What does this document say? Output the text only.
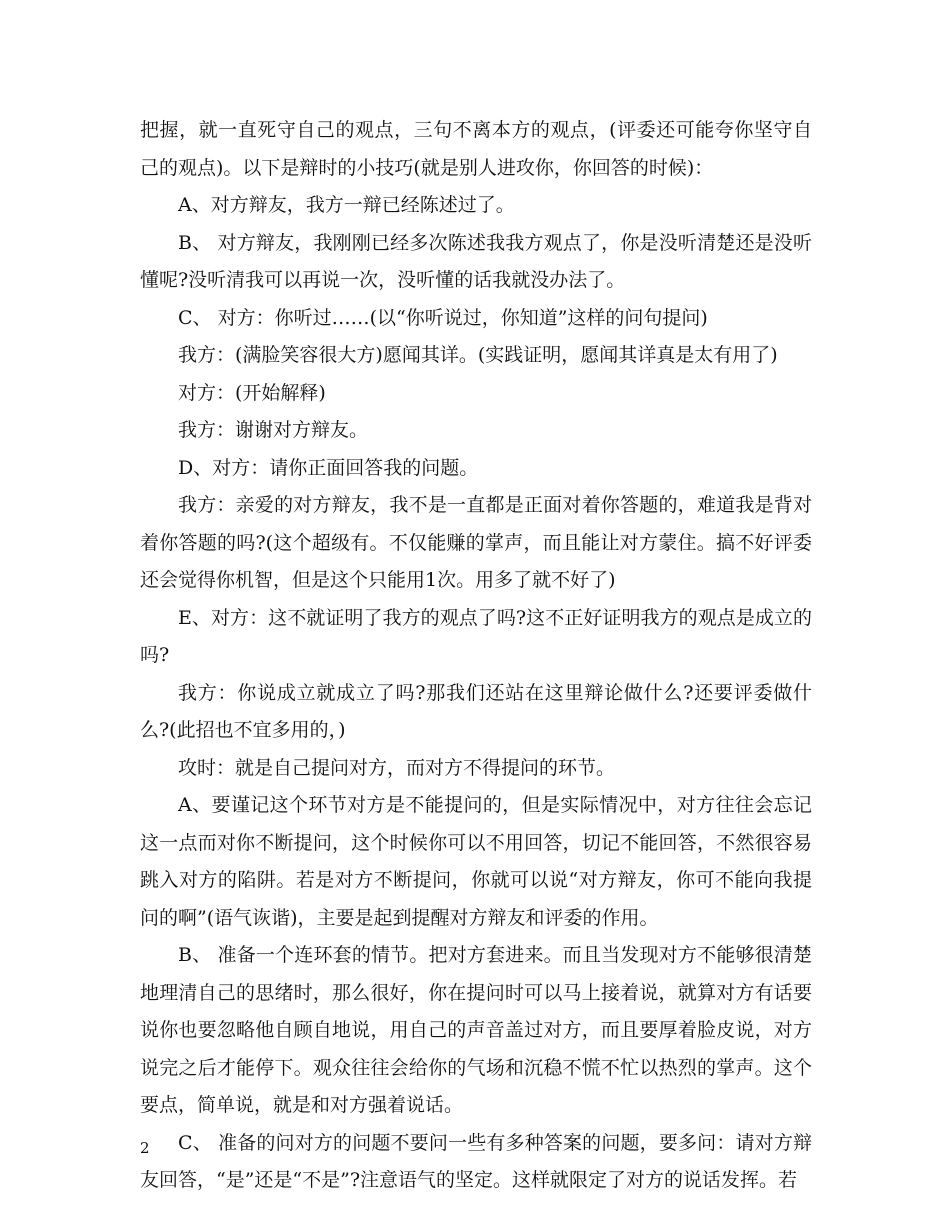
把握，就一直死守自己的观点，三句不离本方的观点，(评委还可能夸你坚守自己的观点)。以下是辩时的小技巧(就是别人进攻你，你回答的时候)：

A、对方辩友，我方一辩已经陈述过了。

B、 对方辩友，我刚刚已经多次陈述我我方观点了，你是没听清楚还是没听懂呢?没听清我可以再说一次，没听懂的话我就没办法了。

C、 对方：你听过……(以“你听说过，你知道”这样的问句提问)

我方：(满脸笑容很大方)愿闻其详。(实践证明，愿闻其详真是太有用了)

对方：(开始解释)

我方：谢谢对方辩友。

D、对方：请你正面回答我的问题。

我方：亲爱的对方辩友，我不是一直都是正面对着你答题的，难道我是背对着你答题的吗?(这个超级有。不仅能赚的掌声，而且能让对方蒙住。搞不好评委还会觉得你机智，但是这个只能用1次。用多了就不好了)

E、对方：这不就证明了我方的观点了吗?这不正好证明我方的观点是成立的吗?

我方：你说成立就成立了吗?那我们还站在这里辩论做什么?还要评委做什么?(此招也不宜多用的，)

攻时：就是自己提问对方，而对方不得提问的环节。

A、要谨记这个环节对方是不能提问的，但是实际情况中，对方往往会忘记这一点而对你不断提问，这个时候你可以不用回答，切记不能回答，不然很容易跳入对方的陷阱。若是对方不断提问，你就可以说“对方辩友，你可不能向我提问的啊”(语气诙谐)，主要是起到提醒对方辩友和评委的作用。

B、 准备一个连环套的情节。把对方套进来。而且当发现对方不能够很清楚地理清自己的思绪时，那么很好，你在提问时可以马上接着说，就算对方有话要说你也要忽略他自顾自地说，用自己的声音盖过对方，而且要厚着脸皮说，对方说完之后才能停下。观众往往会给你的气场和沉稳不慌不忙以热烈的掌声。这个要点，简单说，就是和对方强着说话。

C、 准备的问对方的问题不要问一些有多种答案的问题，要多问：请对方辩友回答，“是”还是“不是”?注意语气的坚定。这样就限定了对方的说话发挥。若

2
